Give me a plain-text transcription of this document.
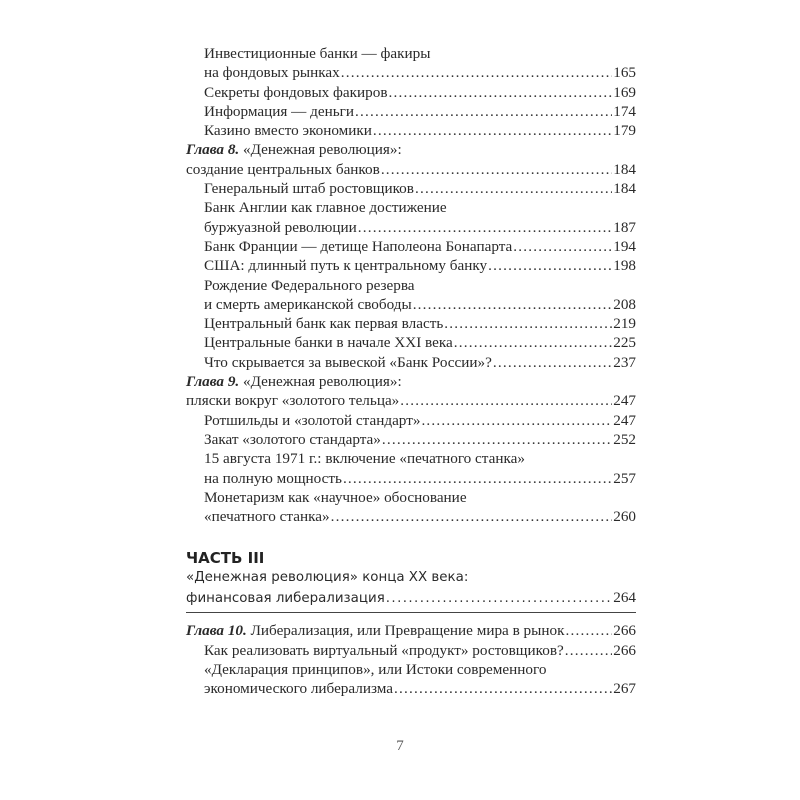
Инвестиционные банки — факиры
на фондовых рынках .....	165
Секреты фондовых факиров .....	169
Информация — деньги .....	174
Казино вместо экономики .....	179
Глава 8. «Денежная революция»:
создание центральных банков .....	184
Генеральный штаб ростовщиков .....	184
Банк Англии как главное достижение
буржуазной революции .....	187
Банк Франции — детище Наполеона Бонапарта .....	194
США: длинный путь к центральному банку .....	198
Рождение Федерального резерва
и смерть американской свободы .....	208
Центральный банк как первая власть .....	219
Центральные банки в начале XXI века .....	225
Что скрывается за вывеской «Банк России»? .....	237
Глава 9. «Денежная революция»:
пляски вокруг «золотого тельца» .....	247
Ротшильды и «золотой стандарт» .....	247
Закат «золотого стандарта» .....	252
15 августа 1971 г.: включение «печатного станка»
на полную мощность .....	257
Монетаризм как «научное» обоснование
«печатного станка» .....	260
ЧАСТЬ III
«Денежная революция» конца XX века:
финансовая либерализация .....	264
Глава 10. Либерализация, или Превращение мира в рынок .....	266
Как реализовать виртуальный «продукт» ростовщиков? .....	266
«Декларация принципов», или Истоки современного
экономического либерализма .....	267
7
